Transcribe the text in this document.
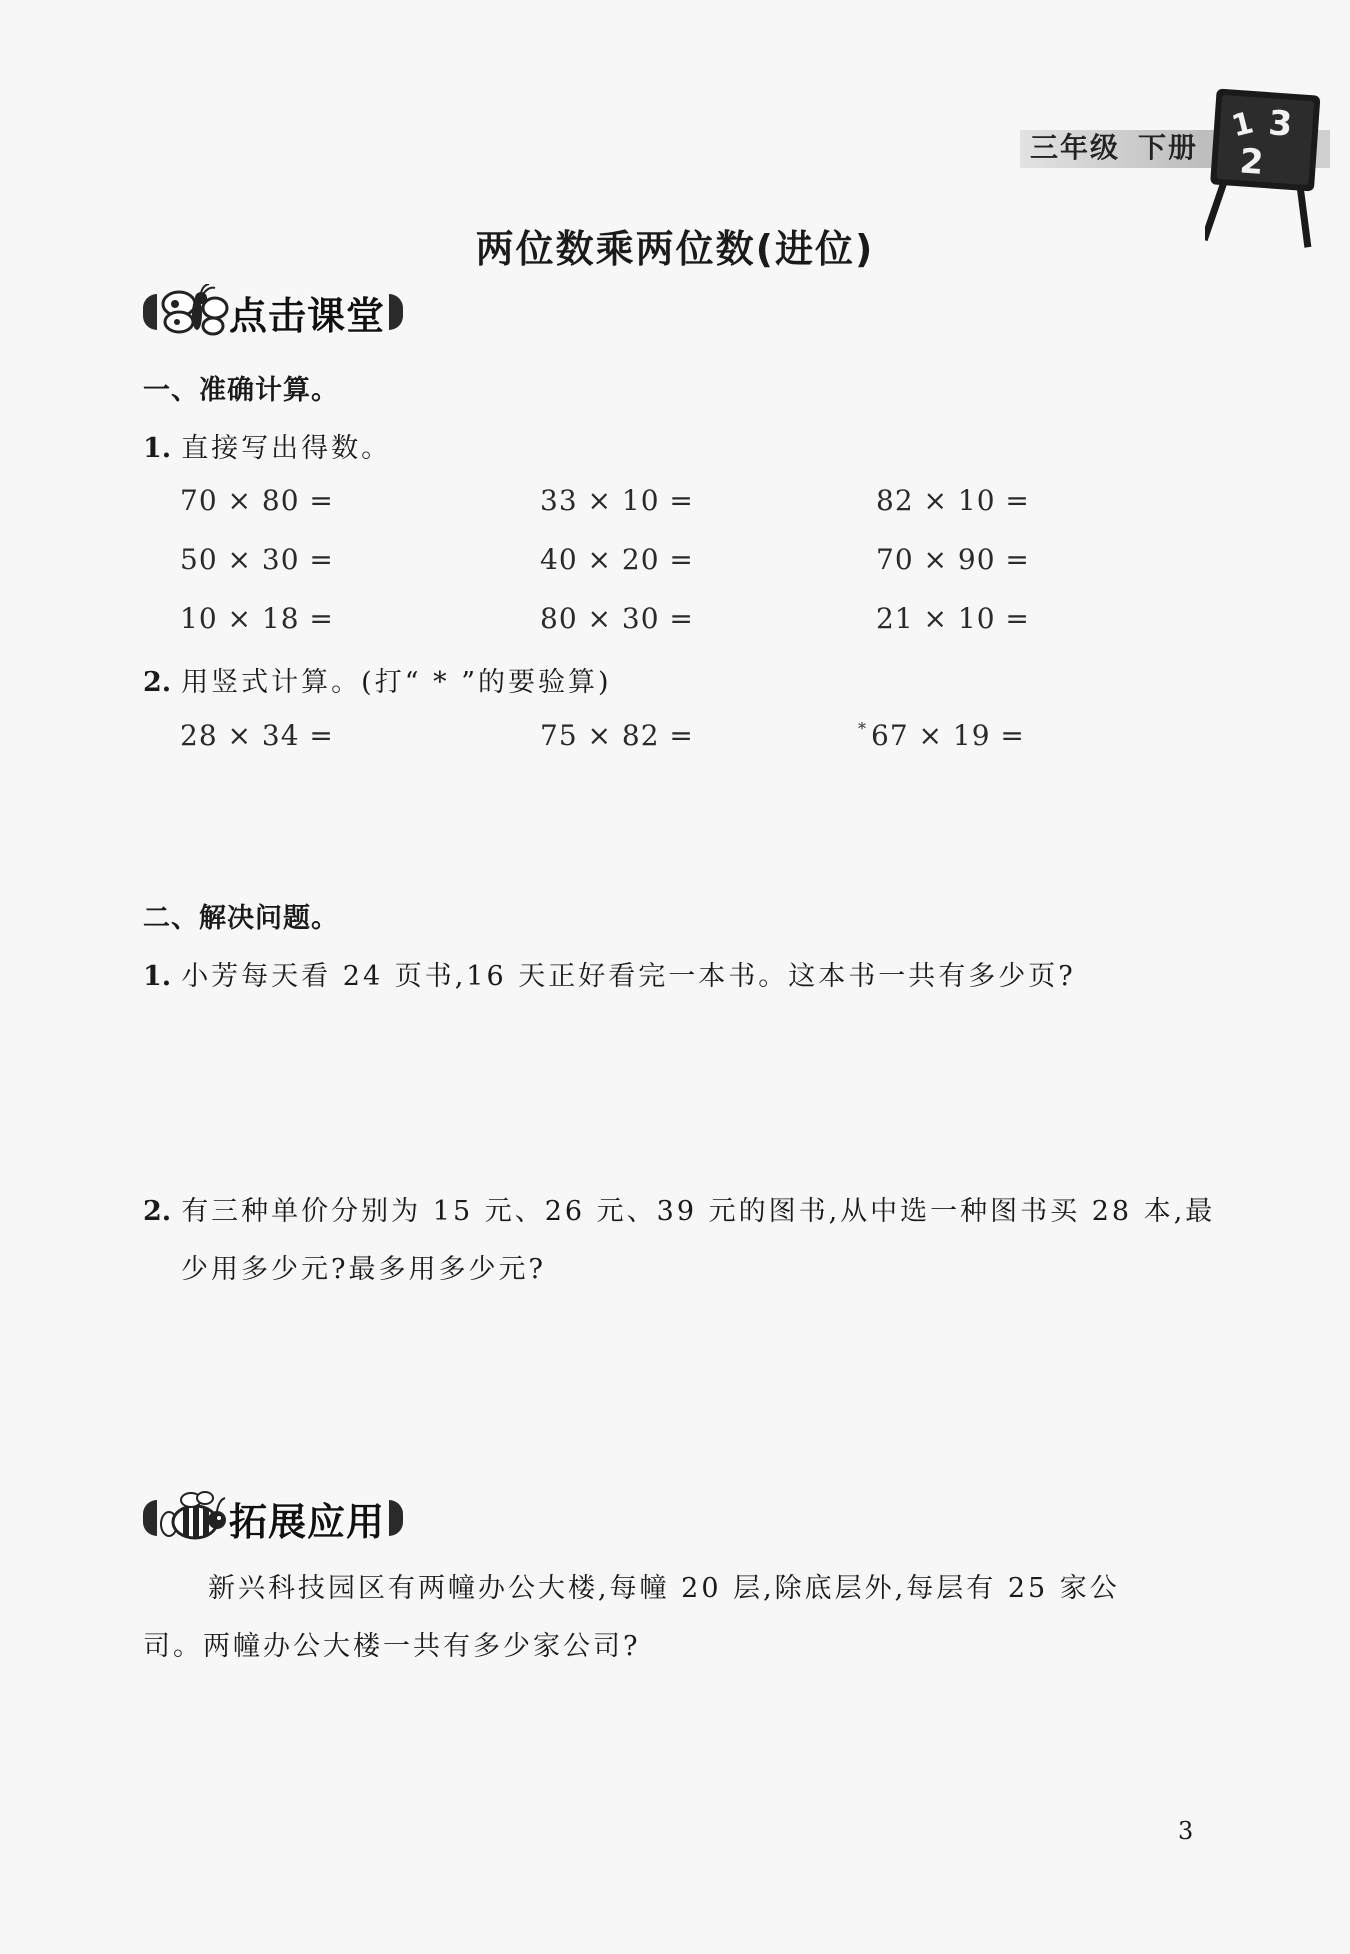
三年级 下册
1 3
2
两位数乘两位数(进位)
点击课堂
一、准确计算。
1. 直接写出得数。
70 × 80 =	33 × 10 =	82 × 10 =
50 × 30 =	40 × 20 =	70 × 90 =
10 × 18 =	80 × 30 =	21 × 10 =
2. 用竖式计算。(打“ * ”的要验算)
28 × 34 =	75 × 82 =	* 67 × 19 =
二、解决问题。
1. 小芳每天看 24 页书,16 天正好看完一本书。这本书一共有多少页?
2. 有三种单价分别为 15 元、26 元、39 元的图书,从中选一种图书买 28 本,最
少用多少元?最多用多少元?
拓展应用
新兴科技园区有两幢办公大楼,每幢 20 层,除底层外,每层有 25 家公
司。两幢办公大楼一共有多少家公司?
3
